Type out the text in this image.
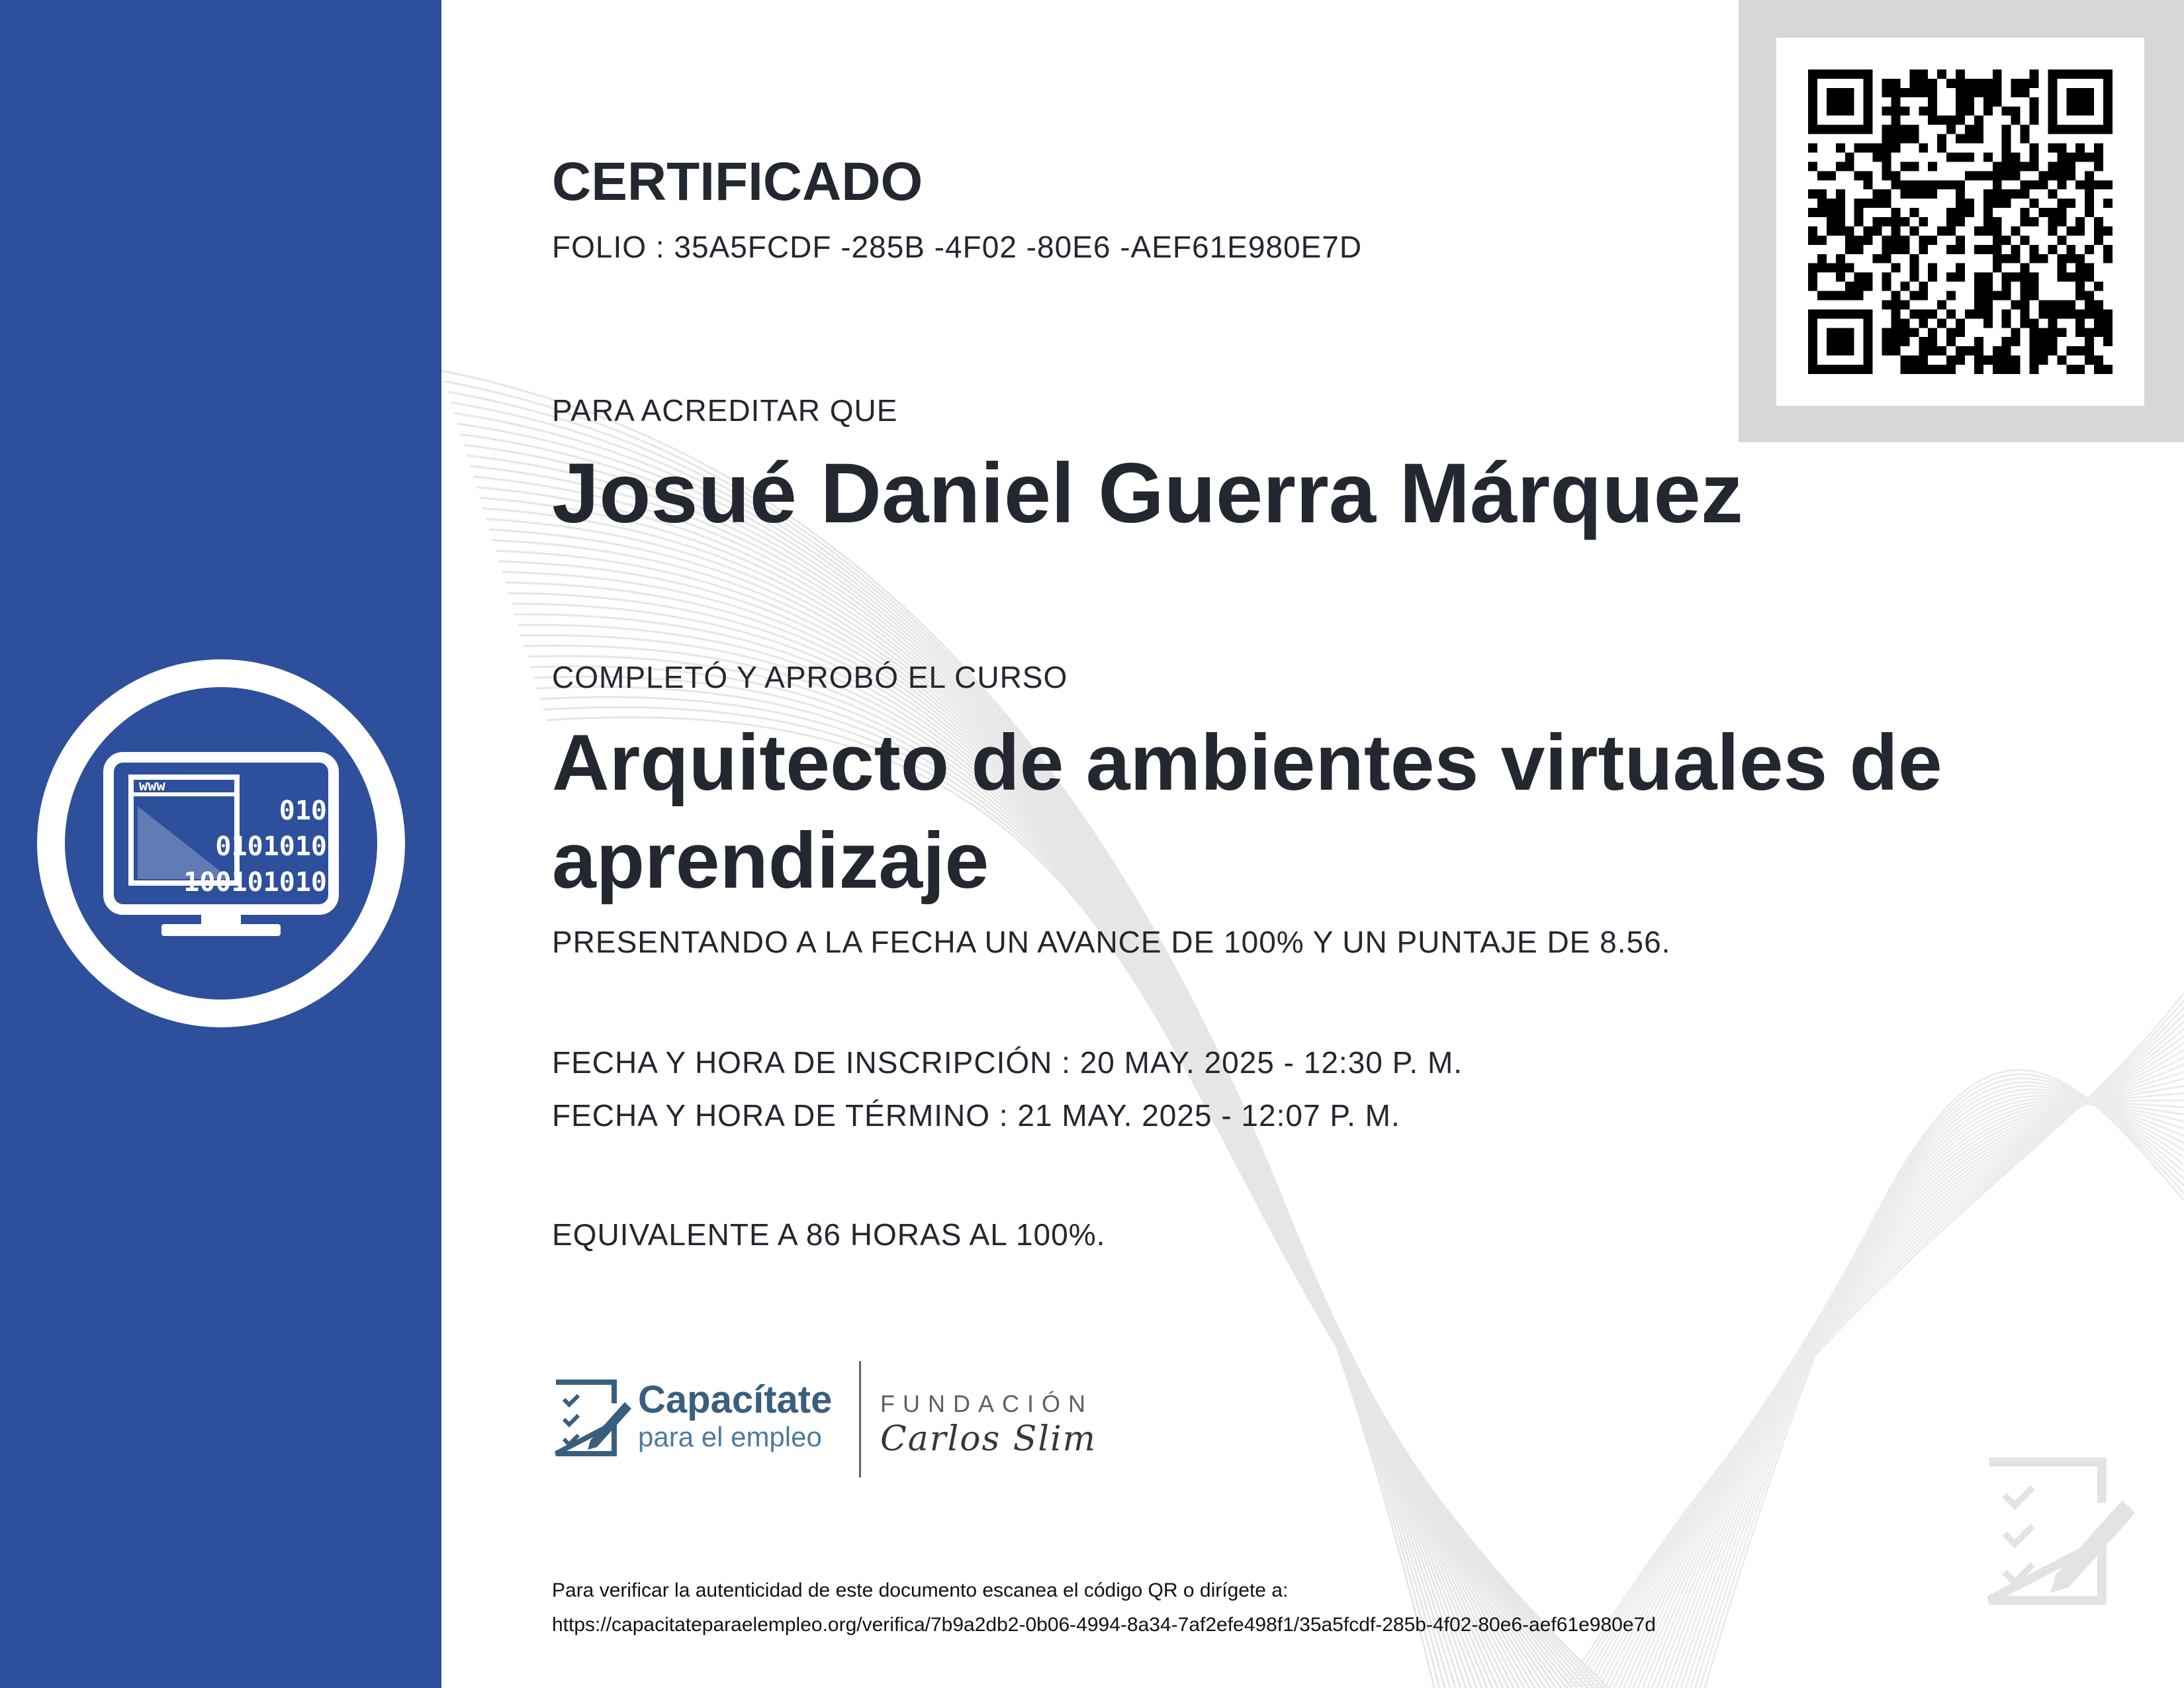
www
010
0101010
100101010
CERTIFICADO
FOLIO : 35A5FCDF -285B -4F02 -80E6 -AEF61E980E7D
PARA ACREDITAR QUE
Josué Daniel Guerra Márquez
COMPLETÓ Y APROBÓ EL CURSO
Arquitecto de ambientes virtuales de aprendizaje
PRESENTANDO A LA FECHA UN AVANCE DE 100% Y UN PUNTAJE DE 8.56.
FECHA Y HORA DE INSCRIPCIÓN : 20 MAY. 2025 - 12:30 P. M.
FECHA Y HORA DE TÉRMINO : 21 MAY. 2025 - 12:07 P. M.
EQUIVALENTE A 86 HORAS AL 100%.
Capacítate
para el empleo
FUNDACIÓN
Carlos Slim
Para verificar la autenticidad de este documento escanea el código QR o dirígete a:
https://capacitateparaelempleo.org/verifica/7b9a2db2-0b06-4994-8a34-7af2efe498f1/35a5fcdf-285b-4f02-80e6-aef61e980e7d
